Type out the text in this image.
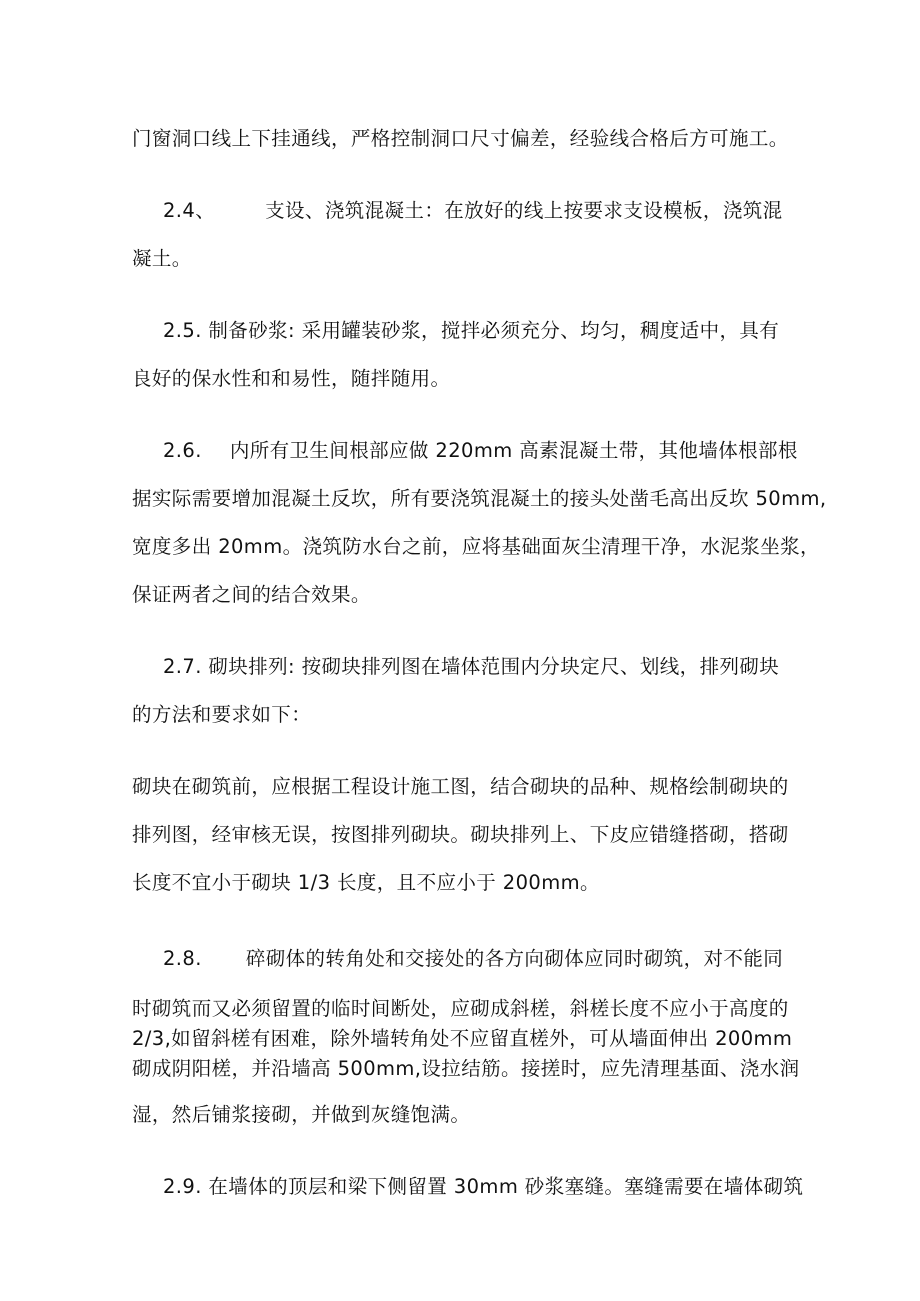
门窗洞口线上下挂通线，严格控制洞口尺寸偏差，经验线合格后方可施工。
2.4、	支设、浇筑混凝土：在放好的线上按要求支设模板，浇筑混
凝土。
2.5. 制备砂浆: 采用罐装砂浆，搅拌必须充分、均匀，稠度适中，具有
良好的保水性和和易性，随拌随用。
2.6. 内所有卫生间根部应做 220mm 高素混凝土带，其他墙体根部根
据实际需要增加混凝土反坎，所有要浇筑混凝土的接头处凿毛高出反坎 50mm,
宽度多出 20mm。浇筑防水台之前，应将基础面灰尘清理干净，水泥浆坐浆，
保证两者之间的结合效果。
2.7. 砌块排列: 按砌块排列图在墙体范围内分块定尺、划线，排列砌块
的方法和要求如下：
砌块在砌筑前，应根据工程设计施工图，结合砌块的品种、规格绘制砌块的
排列图，经审核无误，按图排列砌块。砌块排列上、下皮应错缝搭砌，搭砌
长度不宜小于砌块 1/3 长度，且不应小于 200mm。
2.8. 碎砌体的转角处和交接处的各方向砌体应同时砌筑，对不能同
时砌筑而又必须留置的临时间断处，应砌成斜槎，斜槎长度不应小于高度的
2/3,如留斜槎有困难，除外墙转角处不应留直槎外，可从墙面伸出 200mm
砌成阴阳槎，并沿墙高 500mm,设拉结筋。接搓时，应先清理基面、浇水润
湿，然后铺浆接砌，并做到灰缝饱满。
2.9. 在墙体的顶层和梁下侧留置 30mm 砂浆塞缝。塞缝需要在墙体砌筑
